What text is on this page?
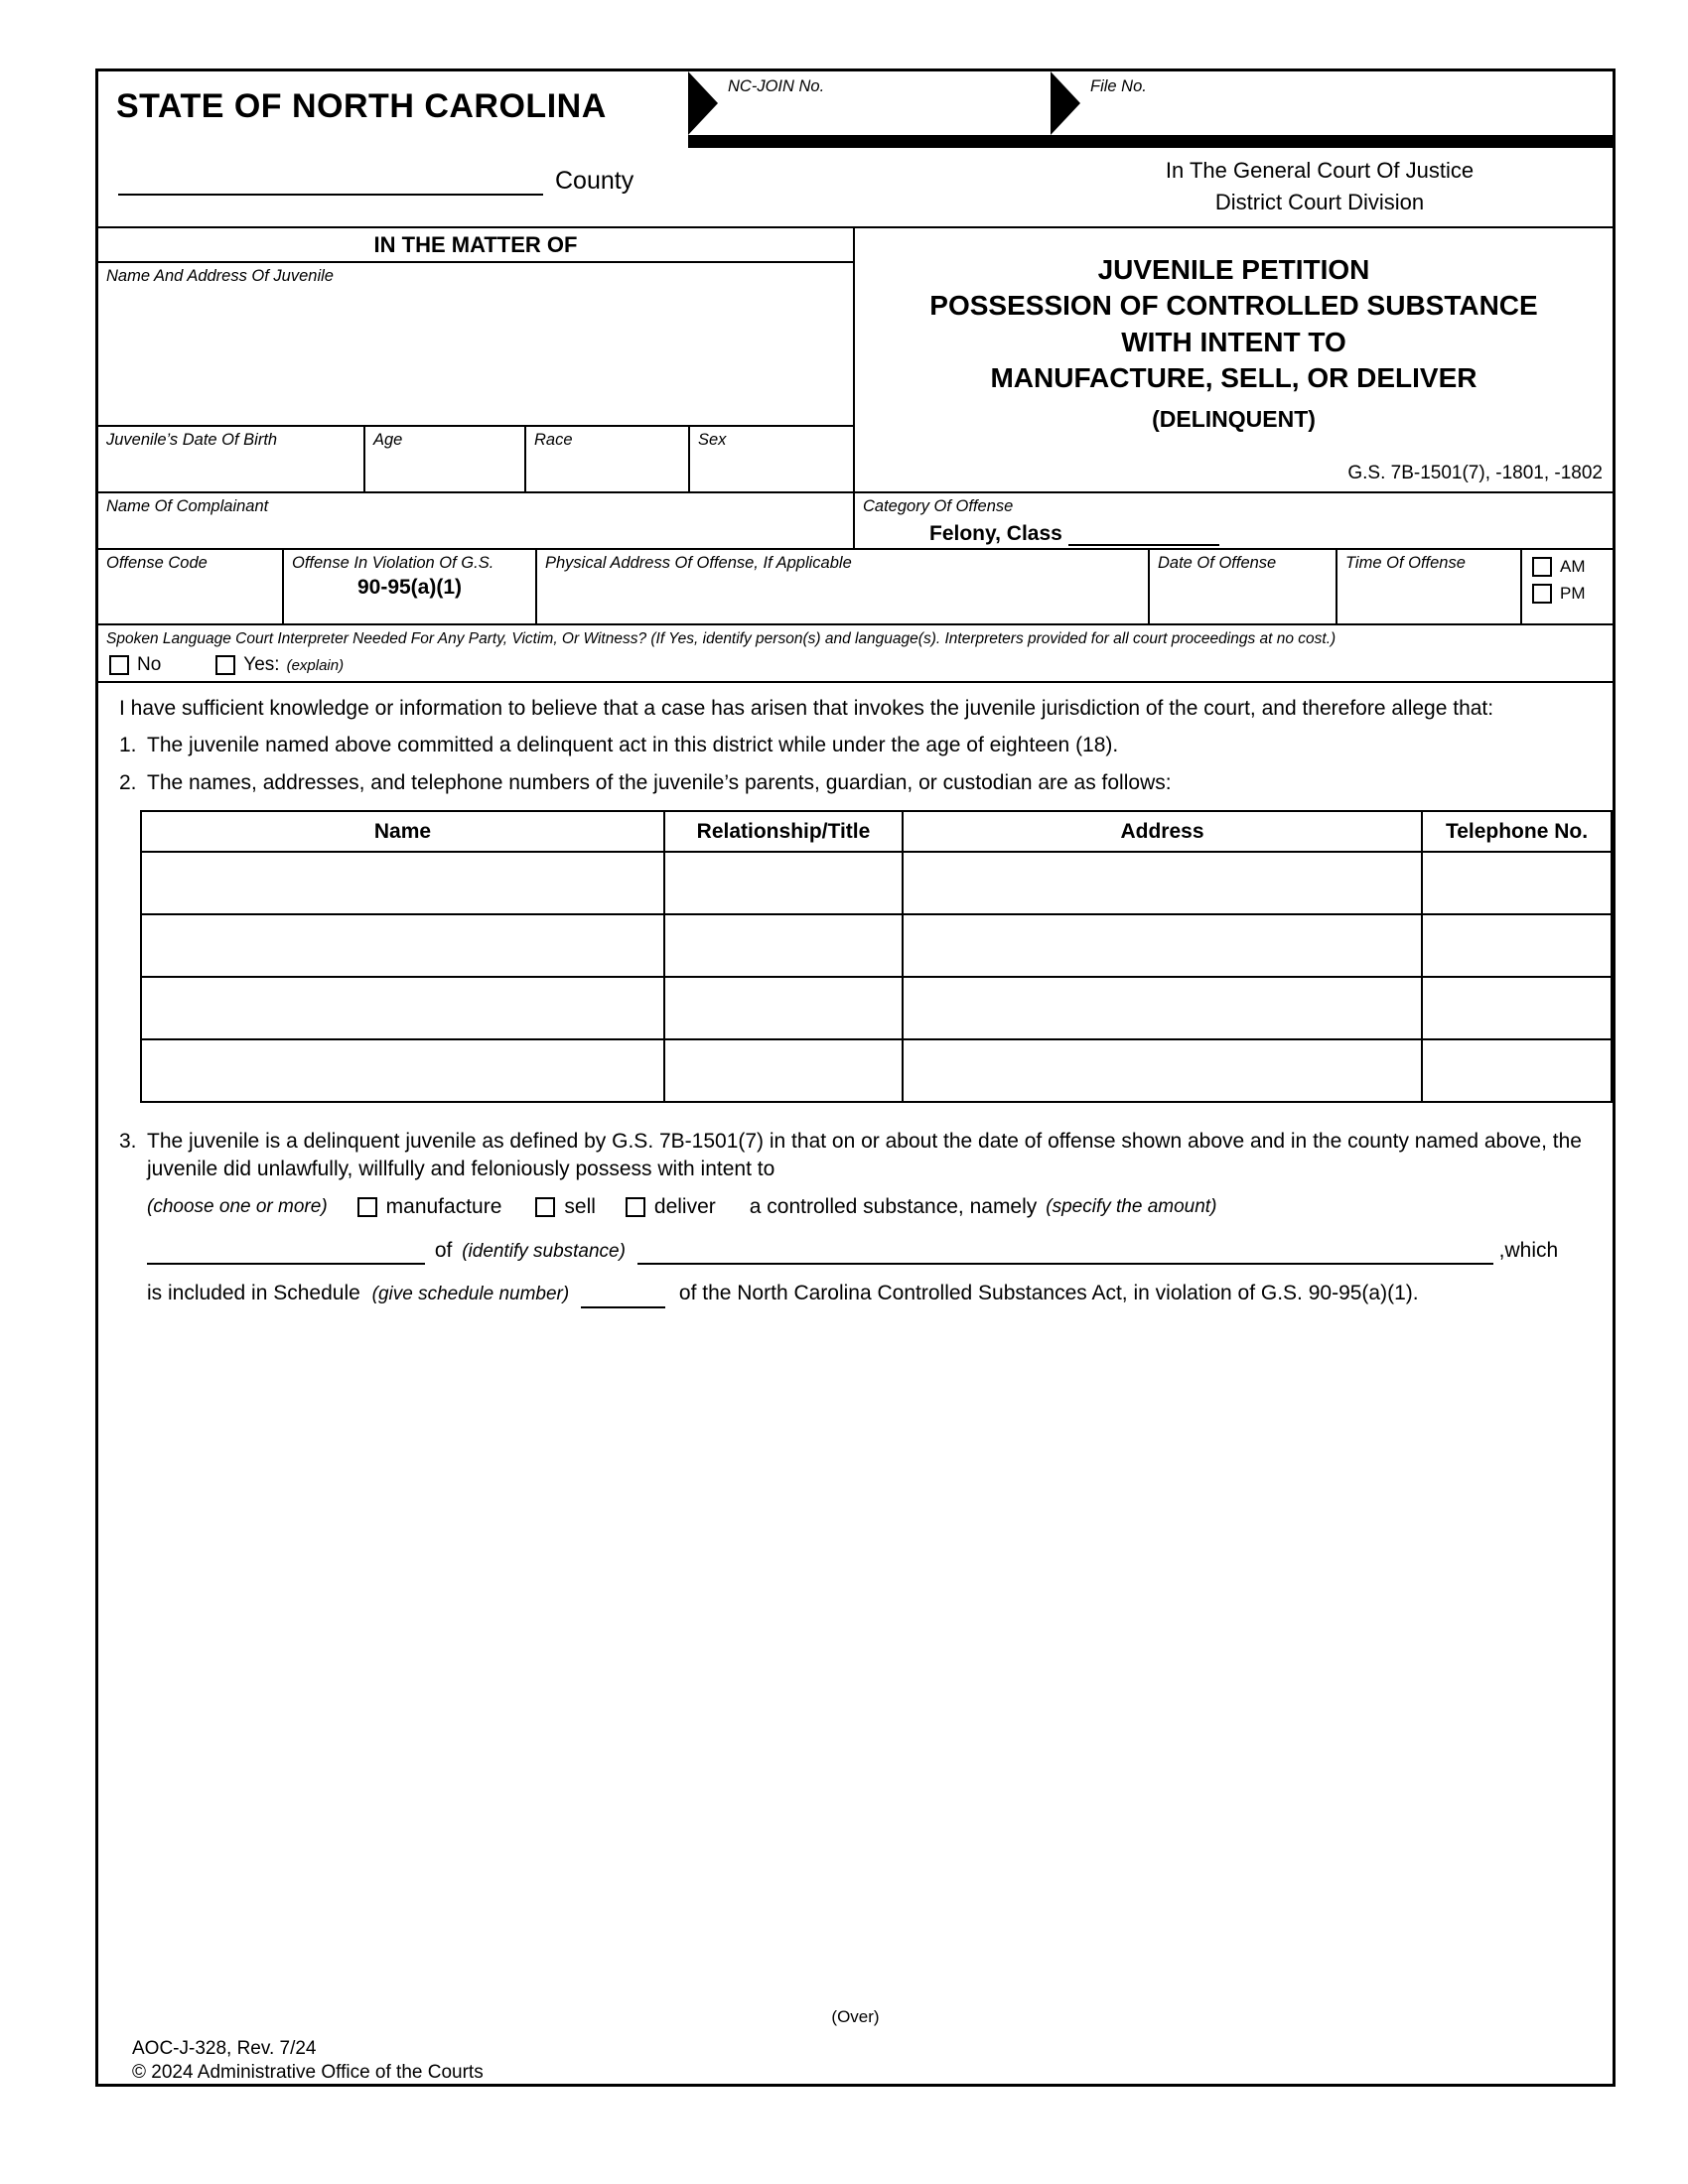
STATE OF NORTH CAROLINA
NC-JOIN No.	File No.
County	In The General Court Of Justice
District Court Division
IN THE MATTER OF
Name And Address Of Juvenile
Juvenile’s Date Of Birth	Age	Race	Sex
Name Of Complainant
JUVENILE PETITION
POSSESSION OF CONTROLLED SUBSTANCE
WITH INTENT TO
MANUFACTURE, SELL, OR DELIVER
(DELINQUENT)
G.S. 7B-1501(7), -1801, -1802
Category Of Offense
Felony, Class
Offense Code	Offense In Violation Of G.S.
90-95(a)(1)
Physical Address Of Offense, If Applicable	Date Of Offense	Time Of Offense	AM
PM
Spoken Language Court Interpreter Needed For Any Party, Victim, Or Witness? (If Yes, identify person(s) and language(s). Interpreters provided for all court proceedings at no cost.)
No	Yes: (explain)

I have sufficient knowledge or information to believe that a case has arisen that invokes the juvenile jurisdiction of the court, and therefore allege that:

1. The juvenile named above committed a delinquent act in this district while under the age of eighteen (18).
2. The names, addresses, and telephone numbers of the juvenile’s parents, guardian, or custodian are as follows:
Name	Relationship/Title	Address	Telephone No.

3. The juvenile is a delinquent juvenile as defined by G.S. 7B-1501(7) in that on or about the date of offense shown above and in the county named above, the juvenile did unlawfully, willfully and feloniously possess with intent to
(choose one or more)	manufacture	sell	deliver a controlled substance, namely (specify the amount)
of (identify substance)	,which
is included in Schedule (give schedule number)	of the North Carolina Controlled Substances Act, in violation of G.S. 90-95(a)(1).
(Over)
AOC-J-328, Rev. 7/24
© 2024 Administrative Office of the Courts
